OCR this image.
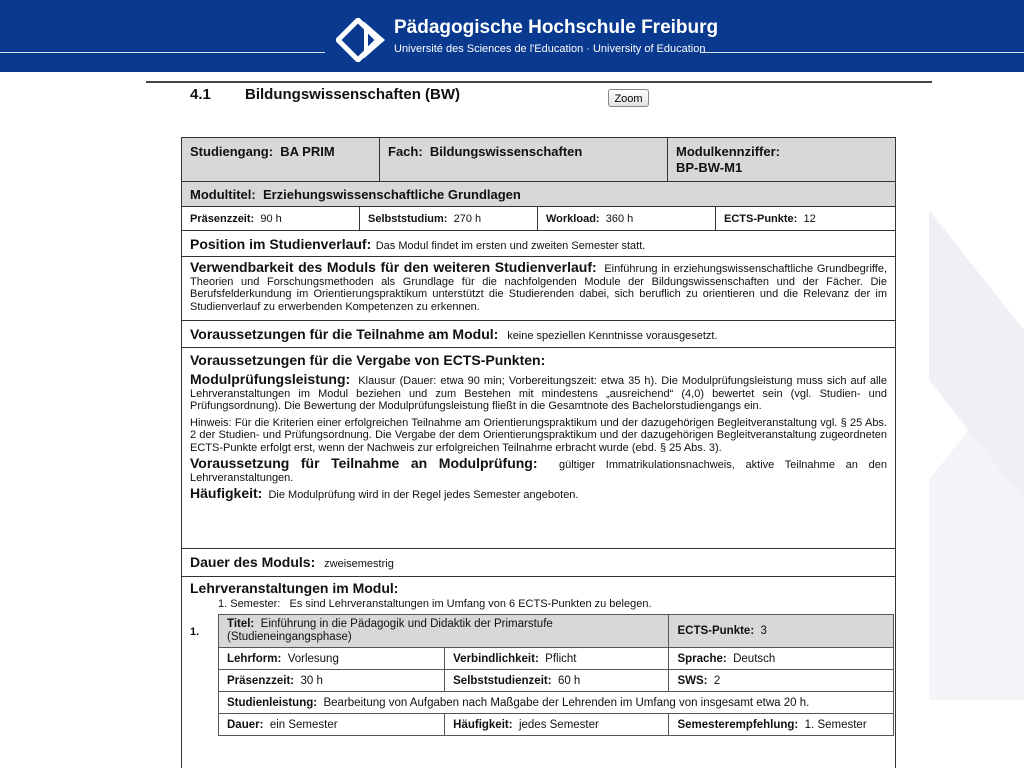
Pädagogische Hochschule Freiburg
Université des Sciences de l'Education · University of Education
4.1 Bildungswissenschaften (BW)	Zoom
Studiengang: BA PRIM	Fach: Bildungswissenschaften	Modulkennziffer:
BP-BW-M1
Modultitel: Erziehungswissenschaftliche Grundlagen
Präsenzzeit: 90 h	Selbststudium: 270 h	Workload: 360 h	ECTS-Punkte: 12
Position im Studienverlauf: Das Modul findet im ersten und zweiten Semester statt.
Verwendbarkeit des Moduls für den weiteren Studienverlauf: Einführung in erziehungswissenschaftliche Grundbegriffe, Theorien und Forschungsmethoden als Grundlage für die nachfolgenden Module der Bildungswissenschaften und der Fächer. Die Berufsfelderkundung im Orientierungspraktikum unterstützt die Studierenden dabei, sich beruflich zu orientieren und die Relevanz der im Studienverlauf zu erwerbenden Kompetenzen zu erkennen.
Voraussetzungen für die Teilnahme am Modul: keine speziellen Kenntnisse vorausgesetzt.
Voraussetzungen für die Vergabe von ECTS-Punkten:
Modulprüfungsleistung: Klausur (Dauer: etwa 90 min; Vorbereitungszeit: etwa 35 h). Die Modulprüfungsleistung muss sich auf alle Lehrveranstaltungen im Modul beziehen und zum Bestehen mit mindestens „ausreichend“ (4,0) bewertet sein (vgl. Studien- und Prüfungsordnung). Die Bewertung der Modulprüfungsleistung fließt in die Gesamtnote des Bachelorstudiengangs ein.
Hinweis: Für die Kriterien einer erfolgreichen Teilnahme am Orientierungspraktikum und der dazugehörigen Begleitveranstaltung vgl. § 25 Abs. 2 der Studien- und Prüfungsordnung. Die Vergabe der dem Orientierungspraktikum und der dazugehörigen Begleitveranstaltung zugeordneten ECTS-Punkte erfolgt erst, wenn der Nachweis zur erfolgreichen Teilnahme erbracht wurde (ebd. § 25 Abs. 3).
Voraussetzung für Teilnahme an Modulprüfung: gültiger Immatrikulationsnachweis, aktive Teilnahme an den Lehrveranstaltungen.
Häufigkeit: Die Modulprüfung wird in der Regel jedes Semester angeboten.
Dauer des Moduls: zweisemestrig
Lehrveranstaltungen im Modul:
1. Semester:   Es sind Lehrveranstaltungen im Umfang von 6 ECTS-Punkten zu belegen.
1.
Titel: Einführung in die Pädagogik und Didaktik der Primarstufe (Studieneingangsphase)		ECTS-Punkte: 3
Lehrform: Vorlesung	Verbindlichkeit: Pflicht	Sprache: Deutsch
Präsenzzeit: 30 h	Selbststudienzeit: 60 h	SWS: 2
Studienleistung: Bearbeitung von Aufgaben nach Maßgabe der Lehrenden im Umfang von insgesamt etwa 20 h.		
Dauer: ein Semester	Häufigkeit: jedes Semester	Semesterempfehlung: 1. Semester
